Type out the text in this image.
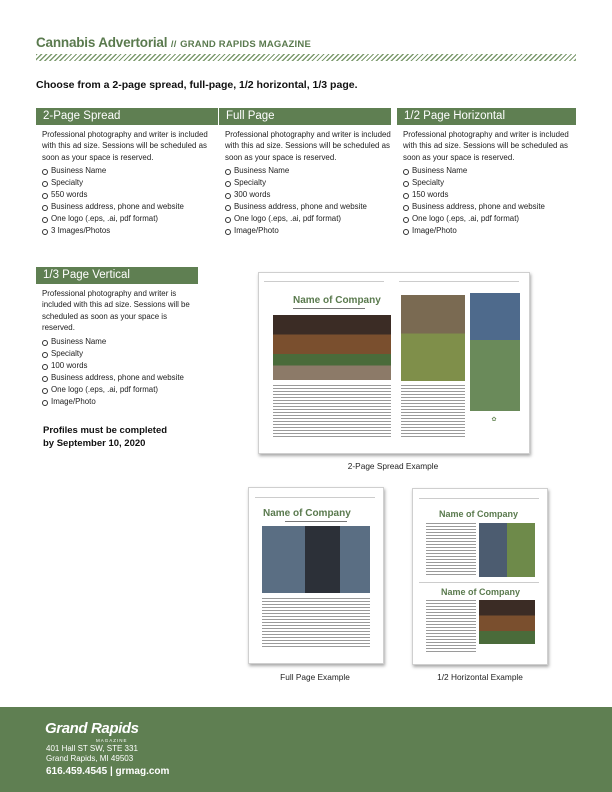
Cannabis Advertorial // GRAND RAPIDS MAGAZINE
Choose from a 2-page spread, full-page, 1/2 horizontal, 1/3 page.
2-Page Spread
Professional photography and writer is included with this ad size. Sessions will be scheduled as soon as your space is reserved.
Business Name
Specialty
550 words
Business address, phone and website
One logo (.eps, .ai, pdf format)
3 Images/Photos
Full Page
Professional photography and writer is included with this ad size. Sessions will be scheduled as soon as your space is reserved.
Business Name
Specialty
300 words
Business address, phone and website
One logo (.eps, .ai, pdf format)
Image/Photo
1/2 Page Horizontal
Professional photography and writer is included with this ad size. Sessions will be scheduled as soon as your space is reserved.
Business Name
Specialty
150 words
Business address, phone and website
One logo (.eps, .ai, pdf format)
Image/Photo
1/3 Page Vertical
Professional photography and writer is included with this ad size. Sessions will be scheduled as soon as your space is reserved.
Business Name
Specialty
100 words
Business address, phone and website
One logo (.eps, .ai, pdf format)
Image/Photo
Profiles must be completed
by September 10, 2020
Name of Company
✿
2-Page Spread Example
Name of Company
Full Page Example
Name of Company
Name of Company
1/2 Horizontal Example
Grand Rapids
MAGAZINE
401 Hall ST SW, STE 331
Grand Rapids, MI 49503
616.459.4545 | grmag.com
